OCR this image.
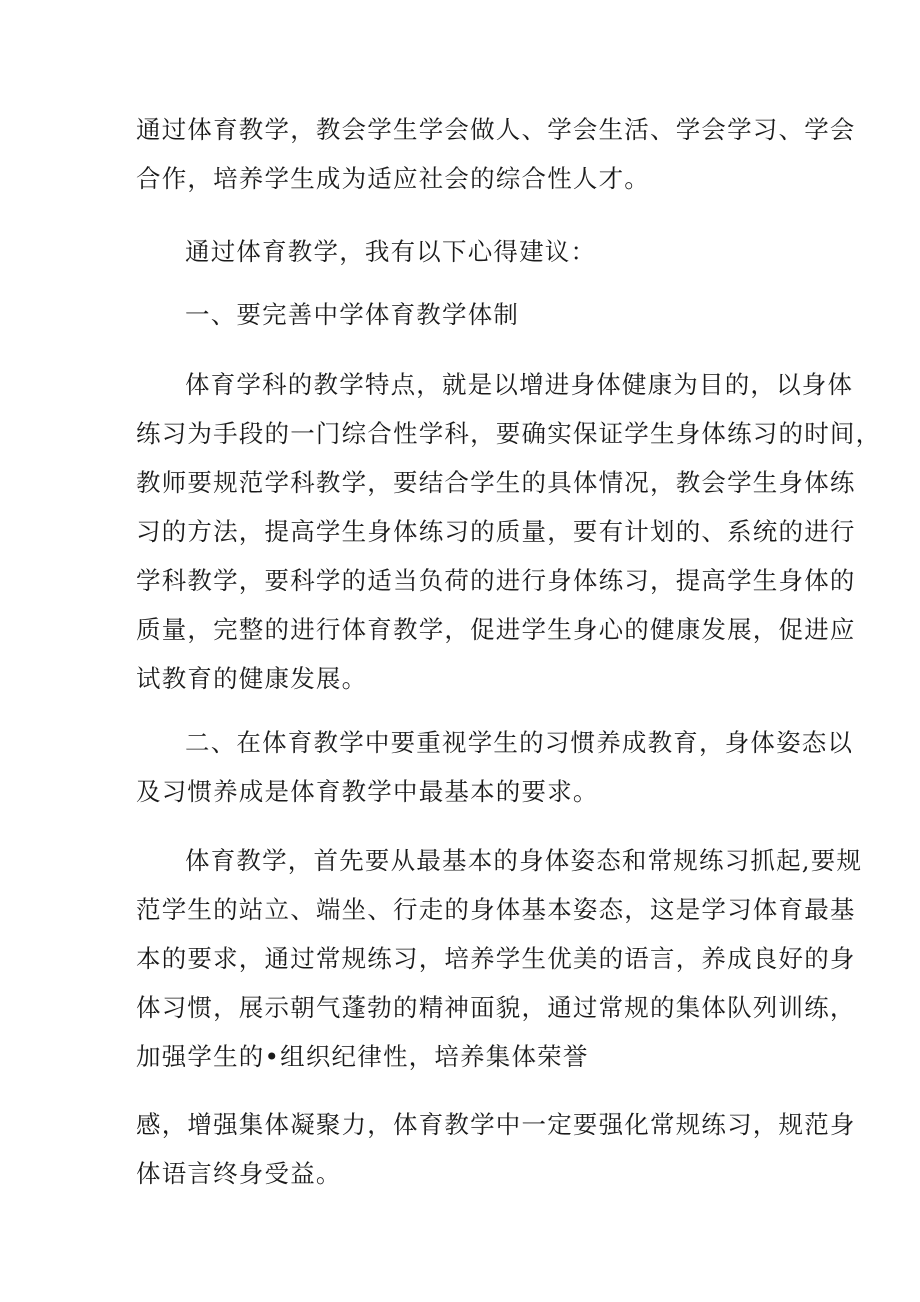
通过体育教学，教会学生学会做人、学会生活、学会学习、学会
合作，培养学生成为适应社会的综合性人才。

通过体育教学，我有以下心得建议：

一、要完善中学体育教学体制

体育学科的教学特点，就是以增进身体健康为目的，以身体
练习为手段的一门综合性学科，要确实保证学生身体练习的时间，
教师要规范学科教学，要结合学生的具体情况，教会学生身体练
习的方法，提高学生身体练习的质量，要有计划的、系统的进行
学科教学，要科学的适当负荷的进行身体练习，提高学生身体的
质量，完整的进行体育教学，促进学生身心的健康发展，促进应
试教育的健康发展。

二、在体育教学中要重视学生的习惯养成教育，身体姿态以
及习惯养成是体育教学中最基本的要求。

体育教学，首先要从最基本的身体姿态和常规练习抓起,要规
范学生的站立、端坐、行走的身体基本姿态，这是学习体育最基
本的要求，通过常规练习，培养学生优美的语言，养成良好的身
体习惯，展示朝气蓬勃的精神面貌，通过常规的集体队列训练，
加强学生的•组织纪律性，培养集体荣誉

感，增强集体凝聚力，体育教学中一定要强化常规练习，规范身
体语言终身受益。
